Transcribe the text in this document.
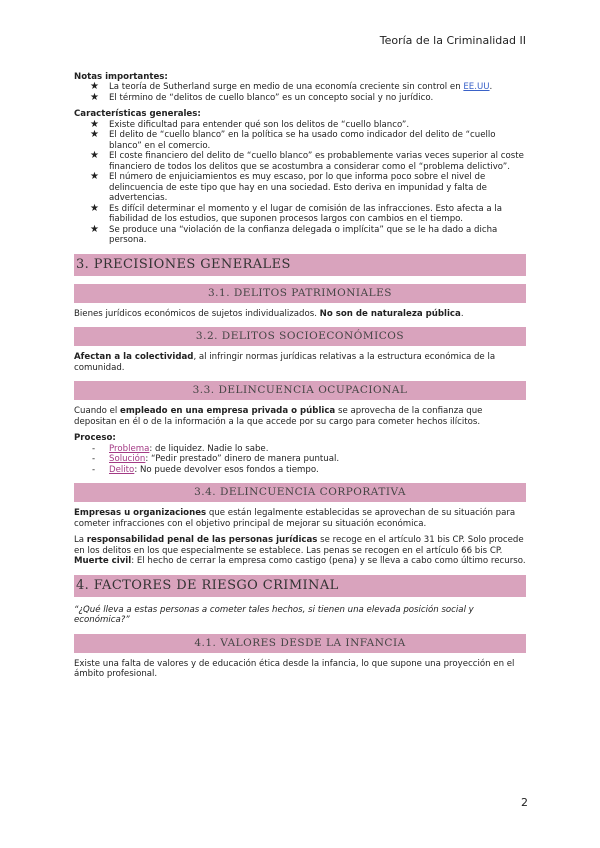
Teoría de la Criminalidad II
Notas importantes:
★ La teoría de Sutherland surge en medio de una economía creciente sin control en EE.UU.
★ El término de “delitos de cuello blanco” es un concepto social y no jurídico.
Características generales:
★ Existe dificultad para entender qué son los delitos de “cuello blanco”.
★ El delito de “cuello blanco” en la política se ha usado como indicador del delito de “cuello blanco” en el comercio.
★ El coste financiero del delito de “cuello blanco” es probablemente varias veces superior al coste financiero de todos los delitos que se acostumbra a considerar como el “problema delictivo”.
★ El número de enjuiciamientos es muy escaso, por lo que informa poco sobre el nivel de delincuencia de este tipo que hay en una sociedad. Esto deriva en impunidad y falta de advertencias.
★ Es difícil determinar el momento y el lugar de comisión de las infracciones. Esto afecta a la fiabilidad de los estudios, que suponen procesos largos con cambios en el tiempo.
★ Se produce una “violación de la confianza delegada o implícita” que se le ha dado a dicha persona.
3. PRECISIONES GENERALES
3.1. DELITOS PATRIMONIALES

Bienes jurídicos económicos de sujetos individualizados. No son de naturaleza pública.

3.2. DELITOS SOCIOECONÓMICOS

Afectan a la colectividad, al infringir normas jurídicas relativas a la estructura económica de la comunidad.

3.3. DELINCUENCIA OCUPACIONAL

Cuando el empleado en una empresa privada o pública se aprovecha de la confianza que depositan en él o de la información a la que accede por su cargo para cometer hechos ilícitos.

Proceso:
- Problema: de liquidez. Nadie lo sabe.
- Solución: “Pedir prestado” dinero de manera puntual.
- Delito: No puede devolver esos fondos a tiempo.
3.4. DELINCUENCIA CORPORATIVA

Empresas u organizaciones que están legalmente establecidas se aprovechan de su situación para cometer infracciones con el objetivo principal de mejorar su situación económica.

La responsabilidad penal de las personas jurídicas se recoge en el artículo 31 bis CP. Solo procede en los delitos en los que especialmente se establece. Las penas se recogen en el artículo 66 bis CP.

Muerte civil: El hecho de cerrar la empresa como castigo (pena) y se lleva a cabo como último recurso.

4. FACTORES DE RIESGO CRIMINAL

“¿Qué lleva a estas personas a cometer tales hechos, si tienen una elevada posición social y económica?”

4.1. VALORES DESDE LA INFANCIA

Existe una falta de valores y de educación ética desde la infancia, lo que supone una proyección en el ámbito profesional.

2
